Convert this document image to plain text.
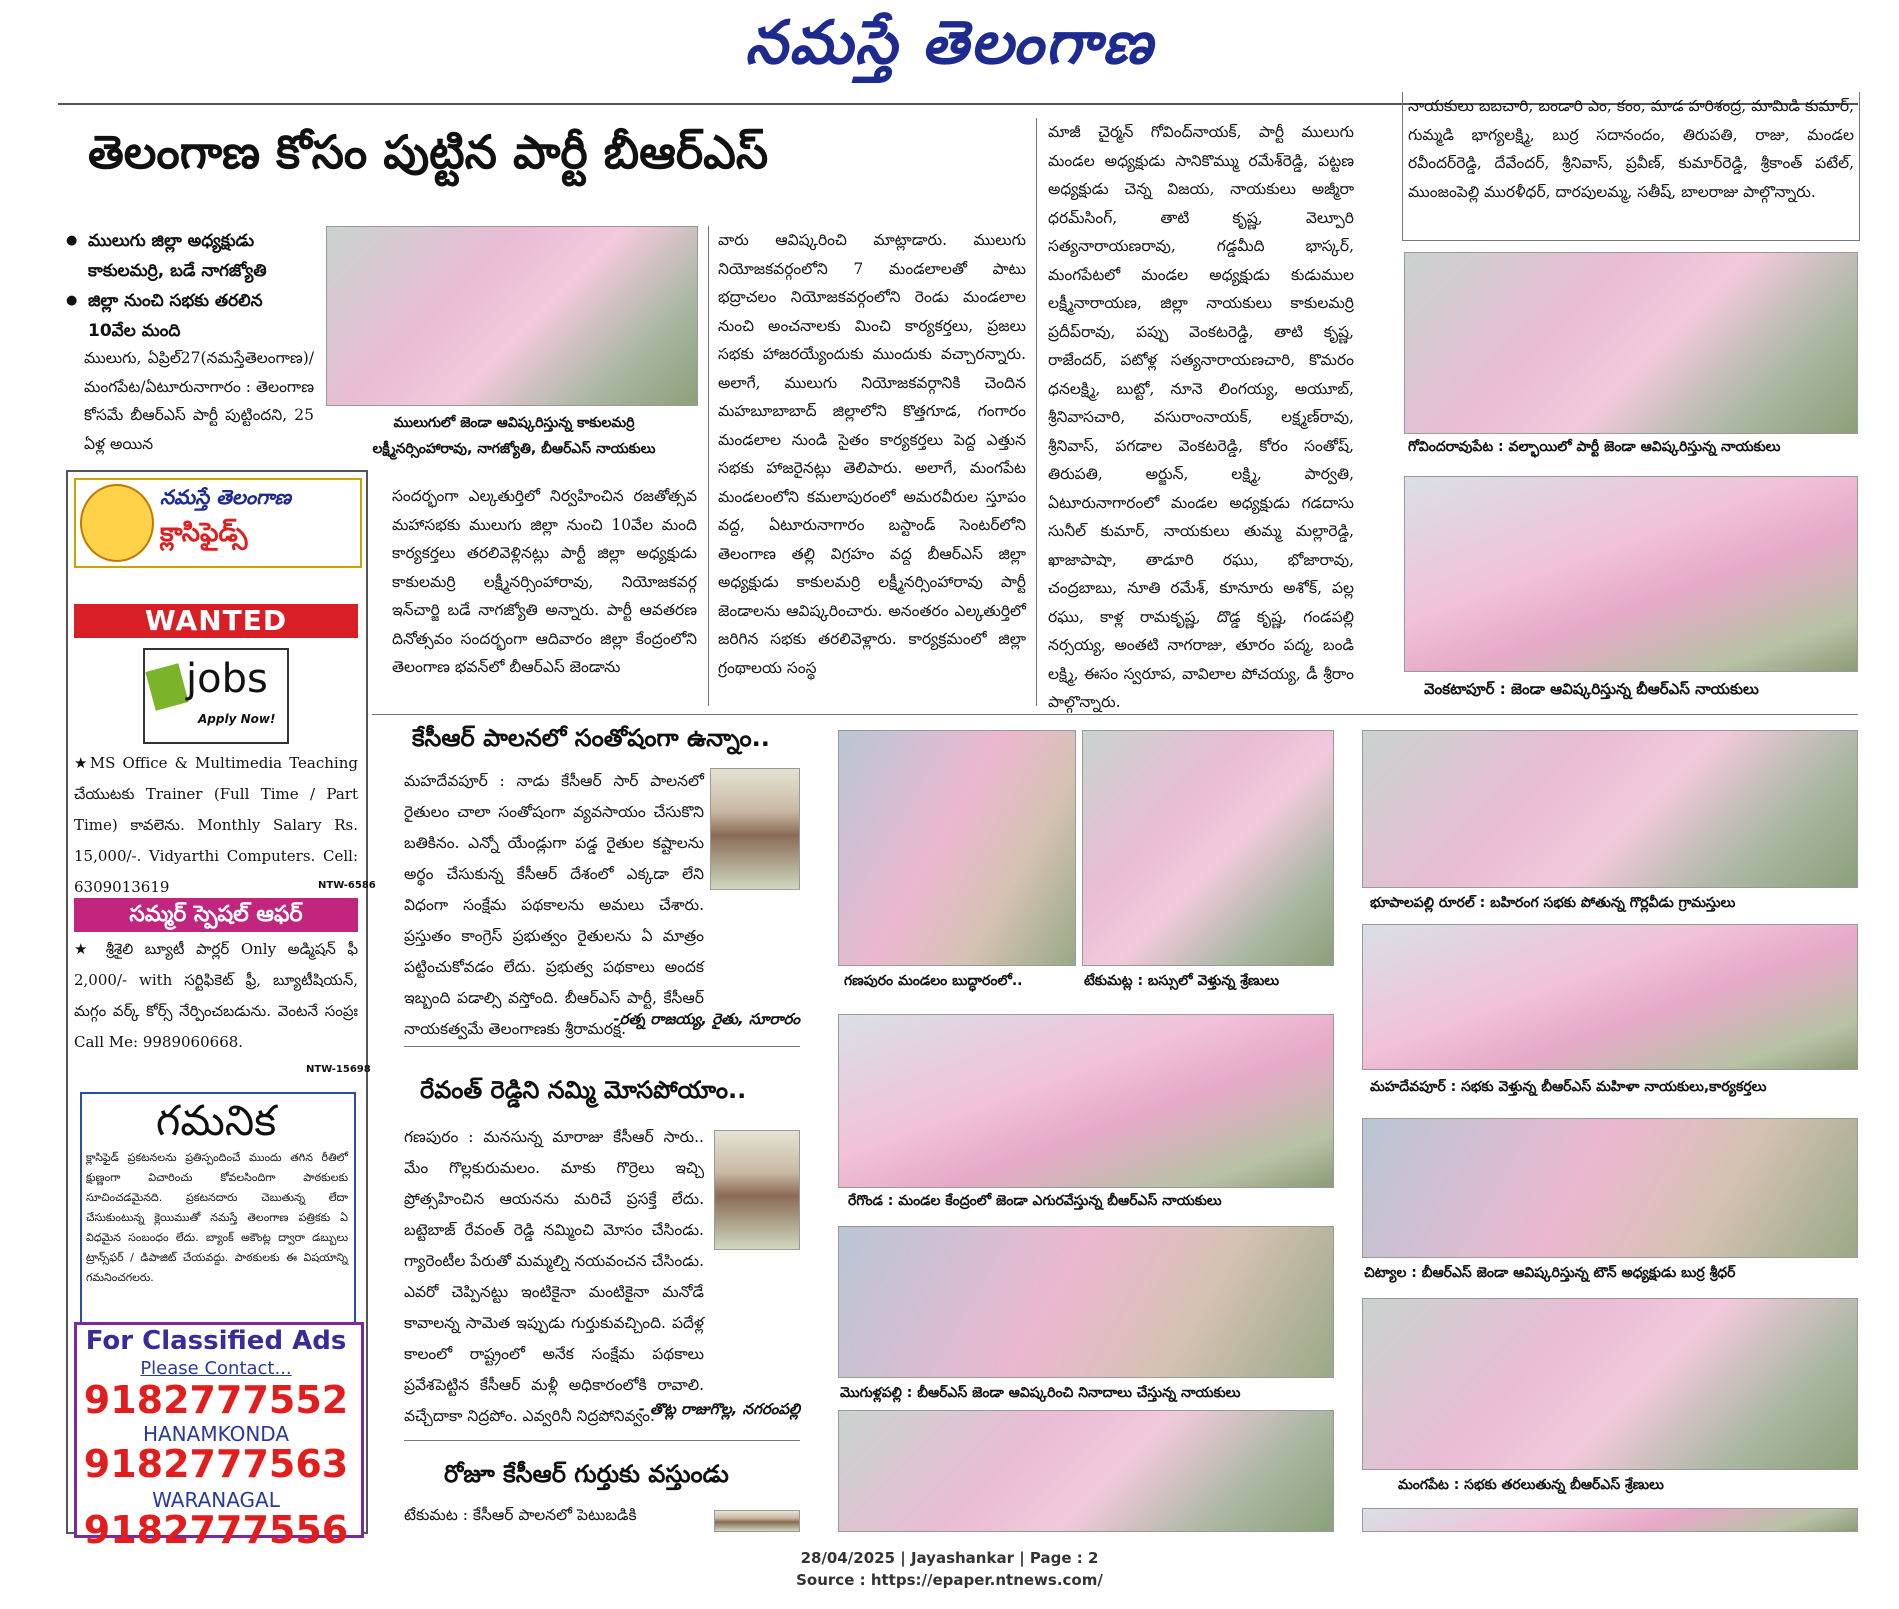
నమస్తే తెలంగాణ
తెలంగాణ కోసం పుట్టిన పార్టీ బీఆర్ఎస్
● ములుగు జిల్లా అధ్యక్షుడు కాకులమర్రి, బడే నాగజ్యోతి
● జిల్లా నుంచి సభకు తరలిన 10వేల మంది
ములుగు, ఏప్రిల్27(నమస్తేతెలంగాణ)/ మంగపేట/ఏటూరునాగారం : తెలంగాణ కోసమే బీఆర్ఎస్ పార్టీ పుట్టిందని, 25 ఏళ్ల అయిన
ములుగులో జెండా ఆవిష్కరిస్తున్న కాకులమర్రి లక్ష్మీనర్సింహారావు, నాగజ్యోతి, బీఆర్ఎస్ నాయకులు
సందర్భంగా ఎల్కతుర్తిలో నిర్వహించిన రజతోత్సవ మహాసభకు ములుగు జిల్లా నుంచి 10వేల మంది కార్యకర్తలు తరలివెళ్లినట్లు పార్టీ జిల్లా అధ్యక్షుడు కాకులమర్రి లక్ష్మీనర్సింహారావు, నియోజకవర్గ ఇన్‌చార్జి బడే నాగజ్యోతి అన్నారు. పార్టీ ఆవతరణ దినోత్సవం సందర్భంగా ఆదివారం జిల్లా కేంద్రంలోని తెలంగాణ భవన్‌లో బీఆర్ఎస్ జెండాను
వారు ఆవిష్కరించి మాట్లాడారు. ములుగు నియోజకవర్గంలోని 7 మండలాలతో పాటు భద్రాచలం నియోజకవర్గంలోని రెండు మండలాల నుంచి అంచనాలకు మించి కార్యకర్తలు, ప్రజలు సభకు హాజరయ్యేందుకు ముందుకు వచ్చారన్నారు. అలాగే, ములుగు నియోజకవర్గానికి చెందిన మహబూబాబాద్ జిల్లాలోని కొత్తగూడ, గంగారం మండలాల నుండి సైతం కార్యకర్తలు పెద్ద ఎత్తున సభకు హాజరైనట్లు తెలిపారు. అలాగే, మంగపేట మండలంలోని కమలాపురంలో అమరవీరుల స్తూపం వద్ద, ఏటూరునాగారం బస్టాండ్ సెంటర్‌లోని తెలంగాణ తల్లి విగ్రహం వద్ద బీఆర్ఎస్ జిల్లా అధ్యక్షుడు కాకులమర్రి లక్ష్మీనర్సింహారావు పార్టీ జెండాలను ఆవిష్కరించారు. అనంతరం ఎల్కతుర్తిలో జరిగిన సభకు తరలివెళ్లారు. కార్యక్రమంలో జిల్లా గ్రంథాలయ సంస్థ
మాజీ చైర్మన్ గోవింద్‌నాయక్, పార్టీ ములుగు మండల అధ్యక్షుడు సానికొమ్ము రమేశ్‌రెడ్డి, పట్టణ అధ్యక్షుడు చెన్న విజయ, నాయకులు అజ్మీరా ధరమ్‌సింగ్, తాటి కృష్ణ, వెల్పూరి సత్యనారాయణరావు, గడ్డమీది భాస్కర్, మంగపేటలో మండల అధ్యక్షుడు కుడుముల లక్ష్మీనారాయణ, జిల్లా నాయకులు కాకులమర్రి ప్రదీప్‌రావు, పప్పు వెంకటరెడ్డి, తాటి కృష్ణ, రాజేందర్, పటోళ్ల సత్యనారాయణచారి, కొమరం ధనలక్ష్మి, బుట్టో, నూనె లింగయ్య, అయూబ్, శ్రీనివాసచారి, వసురాంనాయక్, లక్ష్మణ్‌రావు, శ్రీనివాస్, పగడాల వెంకటరెడ్డి, కోరం సంతోష్, తిరుపతి, అర్జున్, లక్ష్మి, పార్వతి, ఏటూరునాగారంలో మండల అధ్యక్షుడు గడదాసు సునీల్ కుమార్, నాయకులు తుమ్మ మల్లారెడ్డి, ఖాజాపాషా, తాడూరి రఘు, భోజారావు, చంద్రబాబు, నూతి రమేశ్, కూనూరు అశోక్, పల్ల రఘు, కాళ్ల రామకృష్ణ, దొడ్డ కృష్ణ, గండపల్లి నర్సయ్య, అంతటి నాగరాజు, తూరం పద్మ, బండి లక్ష్మి, ఈసం స్వరూప, వావిలాల పోచయ్య, డీ శ్రీరాం పాల్గొన్నారు.
నాయకులు బబచారి, బండారి ఎం, కంం, మాడ హరిశంద్ర, మామిడి కుమార్, గుమ్మడి భాగ్యలక్ష్మి, బుర్ర సదానందం, తిరుపతి, రాజు, మండల రవీందర్‌రెడ్డి, దేవేందర్, శ్రీనివాస్, ప్రవీణ్, కుమార్‌రెడ్డి, శ్రీకాంత్ పటేల్, ముంజంపెల్లి మురళీధర్, దారపులమ్మ, సతీష్, బాలరాజు పాల్గొన్నారు.
గోవిందరావుపేట : వల్భాయిలో పార్టీ జెండా ఆవిష్కరిస్తున్న నాయకులు
వెంకటాపూర్ : జెండా ఆవిష్కరిస్తున్న బీఆర్ఎస్ నాయకులు
నమస్తే తెలంగాణ
క్లాసిఫైడ్స్
WANTED
jobs
Apply Now!
★MS Office & Multimedia Teaching చేయుటకు Trainer (Full Time / Part Time) కావలెను. Monthly Salary Rs. 15,000/-. Vidyarthi Computers. Cell: 6309013619	NTW-6586
సమ్మర్ స్పెషల్ ఆఫర్
★ శ్రీశైలి బ్యూటీ పార్లర్ Only అడ్మిషన్ ఫీ 2,000/- with సర్టిఫికెట్ ఫ్రీ, బ్యూటీషియన్, మగ్గం వర్క్ కోర్స్ నేర్పించబడును. వెంటనే సంప్రః Call Me: 9989060668.
NTW-15698
గమనిక
క్లాసిఫైడ్ ప్రకటనలను ప్రతిస్పందించే ముందు తగిన రీతిలో క్షుణ్ణంగా విచారించు కోవలసిందిగా పాఠకులకు సూచించడమైనది. ప్రకటనదారు చెబుతున్న లేదా చేసుకుంటున్న క్లెయిముతో నమస్తే తెలంగాణ పత్రికకు ఏ విధమైన సంబంధం లేదు. బ్యాంక్ అకౌంట్ల ద్వారా డబ్బులు ట్రాన్స్‌ఫర్ / డిపాజిట్ చేయవద్దు. పాఠకులకు ఈ విషయాన్ని గమనించగలరు.
For Classified Ads
Please Contact...
9182777552
HANAMKONDA
9182777563
WARANAGAL
9182777556
కేసీఆర్ పాలనలో సంతోషంగా ఉన్నాం..
మహదేవపూర్ : నాడు కేసీఆర్ సార్ పాలనలో రైతులం చాలా సంతోషంగా వ్యవసాయం చేసుకొని బతికినం. ఎన్నో యేండ్లుగా పడ్డ రైతుల కష్టాలను అర్థం చేసుకున్న కేసీఆర్ దేశంలో ఎక్కడా లేని విధంగా సంక్షేమ పథకాలను అమలు చేశారు. ప్రస్తుతం కాంగ్రెస్ ప్రభుత్వం రైతులను ఏ మాత్రం పట్టించుకోవడం లేదు. ప్రభుత్వ పథకాలు అందక ఇబ్బంది పడాల్సి వస్తోంది. బీఆర్ఎస్ పార్టీ, కేసీఆర్ నాయకత్వమే తెలంగాణకు శ్రీరామరక్ష.
-రత్న రాజయ్య, రైతు, సూరారం
రేవంత్ రెడ్డిని నమ్మి మోసపోయాం..
గణపురం : మనసున్న మారాజు కేసీఆర్ సారు.. మేం గొల్లకురుమలం. మాకు గొర్రెలు ఇచ్చి ప్రోత్సహించిన ఆయనను మరిచే ప్రసక్తే లేదు. బట్టెబాజ్ రేవంత్ రెడ్డి నమ్మించి మోసం చేసిండు. గ్యారెంటీల పేరుతో మమ్మల్ని నయవంచన చేసిండు. ఎవరో చెప్పినట్టు ఇంటికైనా మంటికైనా మనోడే కావాలన్న సామెత ఇప్పుడు గుర్తుకువచ్చింది. పదేళ్ల కాలంలో రాష్ట్రంలో అనేక సంక్షేమ పథకాలు ప్రవేశపెట్టిన కేసీఆర్ మళ్లీ అధికారంలోకి రావాలి. వచ్చేదాకా నిద్రపోం. ఎవ్వరినీ నిద్రపోనివ్వం.
- తొట్ల రాజుగొల్ల, నగరంపల్లి
రోజూ కేసీఆర్ గుర్తుకు వస్తుండు
టేకుమట : కేసీఆర్ పాలనలో పెటుబడికి
గణపురం మండలం బుద్ధారంలో..	టేకుమట్ల : బస్సులో వెళ్తున్న శ్రేణులు
రేగొండ : మండల కేంద్రంలో జెండా ఎగురవేస్తున్న బీఆర్ఎస్ నాయకులు
మొగుళ్లపల్లి : బీఆర్ఎస్ జెండా ఆవిష్కరించి నినాదాలు చేస్తున్న నాయకులు
భూపాలపల్లి రూరల్ : బహిరంగ సభకు పోతున్న గొర్లవీడు గ్రామస్తులు
మహదేవపూర్ : సభకు వెళ్తున్న బీఆర్ఎస్ మహిళా నాయకులు,కార్యకర్తలు
చిట్యాల : బీఆర్ఎస్ జెండా ఆవిష్కరిస్తున్న టౌన్ అధ్యక్షుడు బుర్ర శ్రీధర్
మంగపేట : సభకు తరలుతున్న బీఆర్ఎస్ శ్రేణులు
28/04/2025 | Jayashankar | Page : 2
Source : https://epaper.ntnews.com/
